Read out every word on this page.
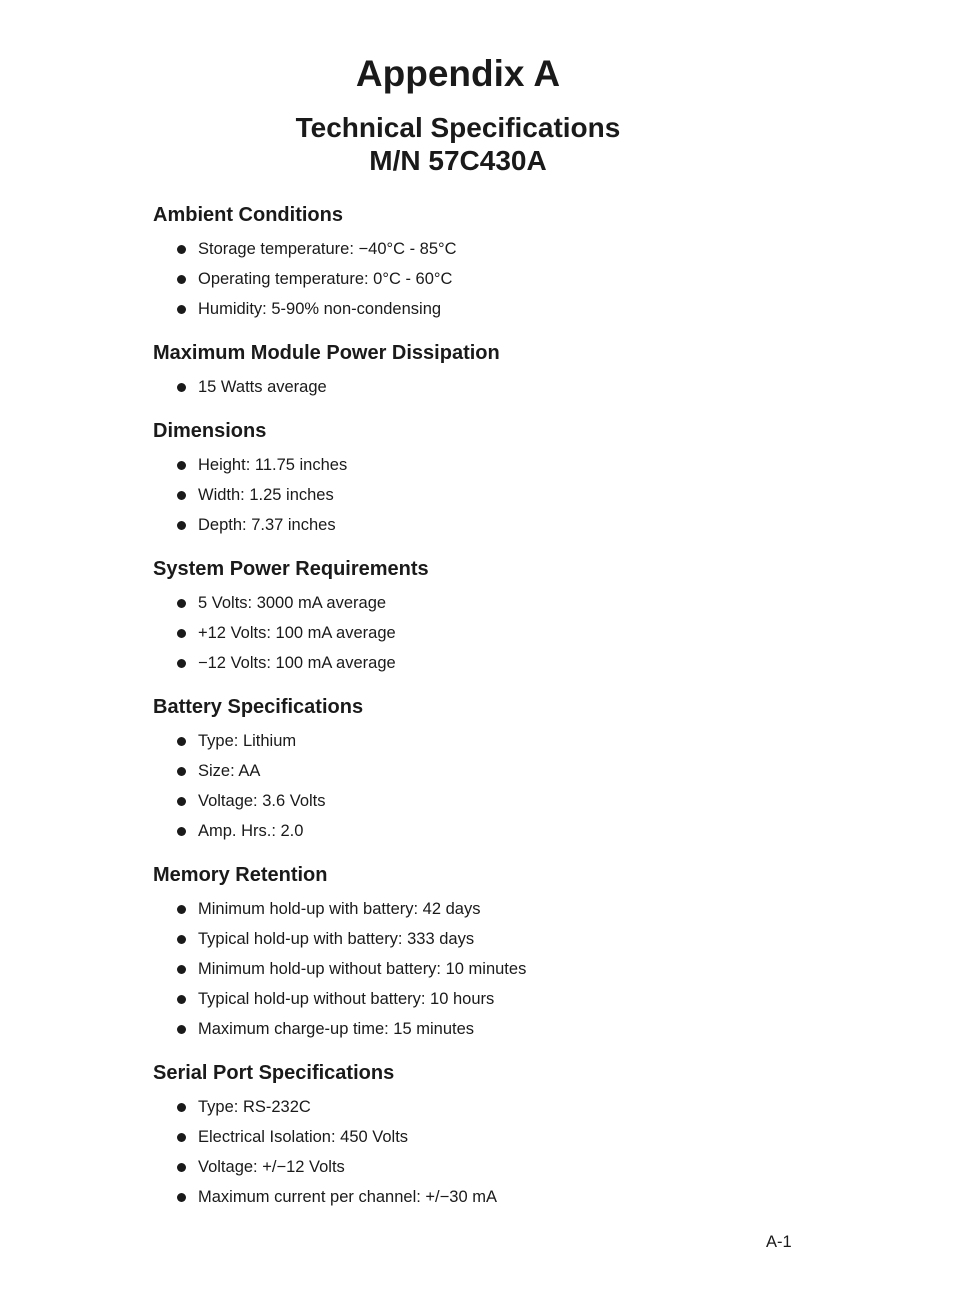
Appendix A
Technical Specifications
M/N 57C430A
Ambient Conditions
Storage temperature: −40°C - 85°C
Operating temperature: 0°C - 60°C
Humidity: 5-90% non-condensing
Maximum Module Power Dissipation
15 Watts average
Dimensions
Height: 11.75 inches
Width: 1.25 inches
Depth: 7.37 inches
System Power Requirements
5 Volts: 3000 mA average
+12 Volts: 100 mA average
−12 Volts: 100 mA average
Battery Specifications
Type: Lithium
Size: AA
Voltage: 3.6 Volts
Amp. Hrs.: 2.0
Memory Retention
Minimum hold-up with battery: 42 days
Typical hold-up with battery: 333 days
Minimum hold-up without battery: 10 minutes
Typical hold-up without battery: 10 hours
Maximum charge-up time: 15 minutes
Serial Port Specifications
Type: RS-232C
Electrical Isolation: 450 Volts
Voltage: +/−12 Volts
Maximum current per channel: +/−30 mA
A-1
